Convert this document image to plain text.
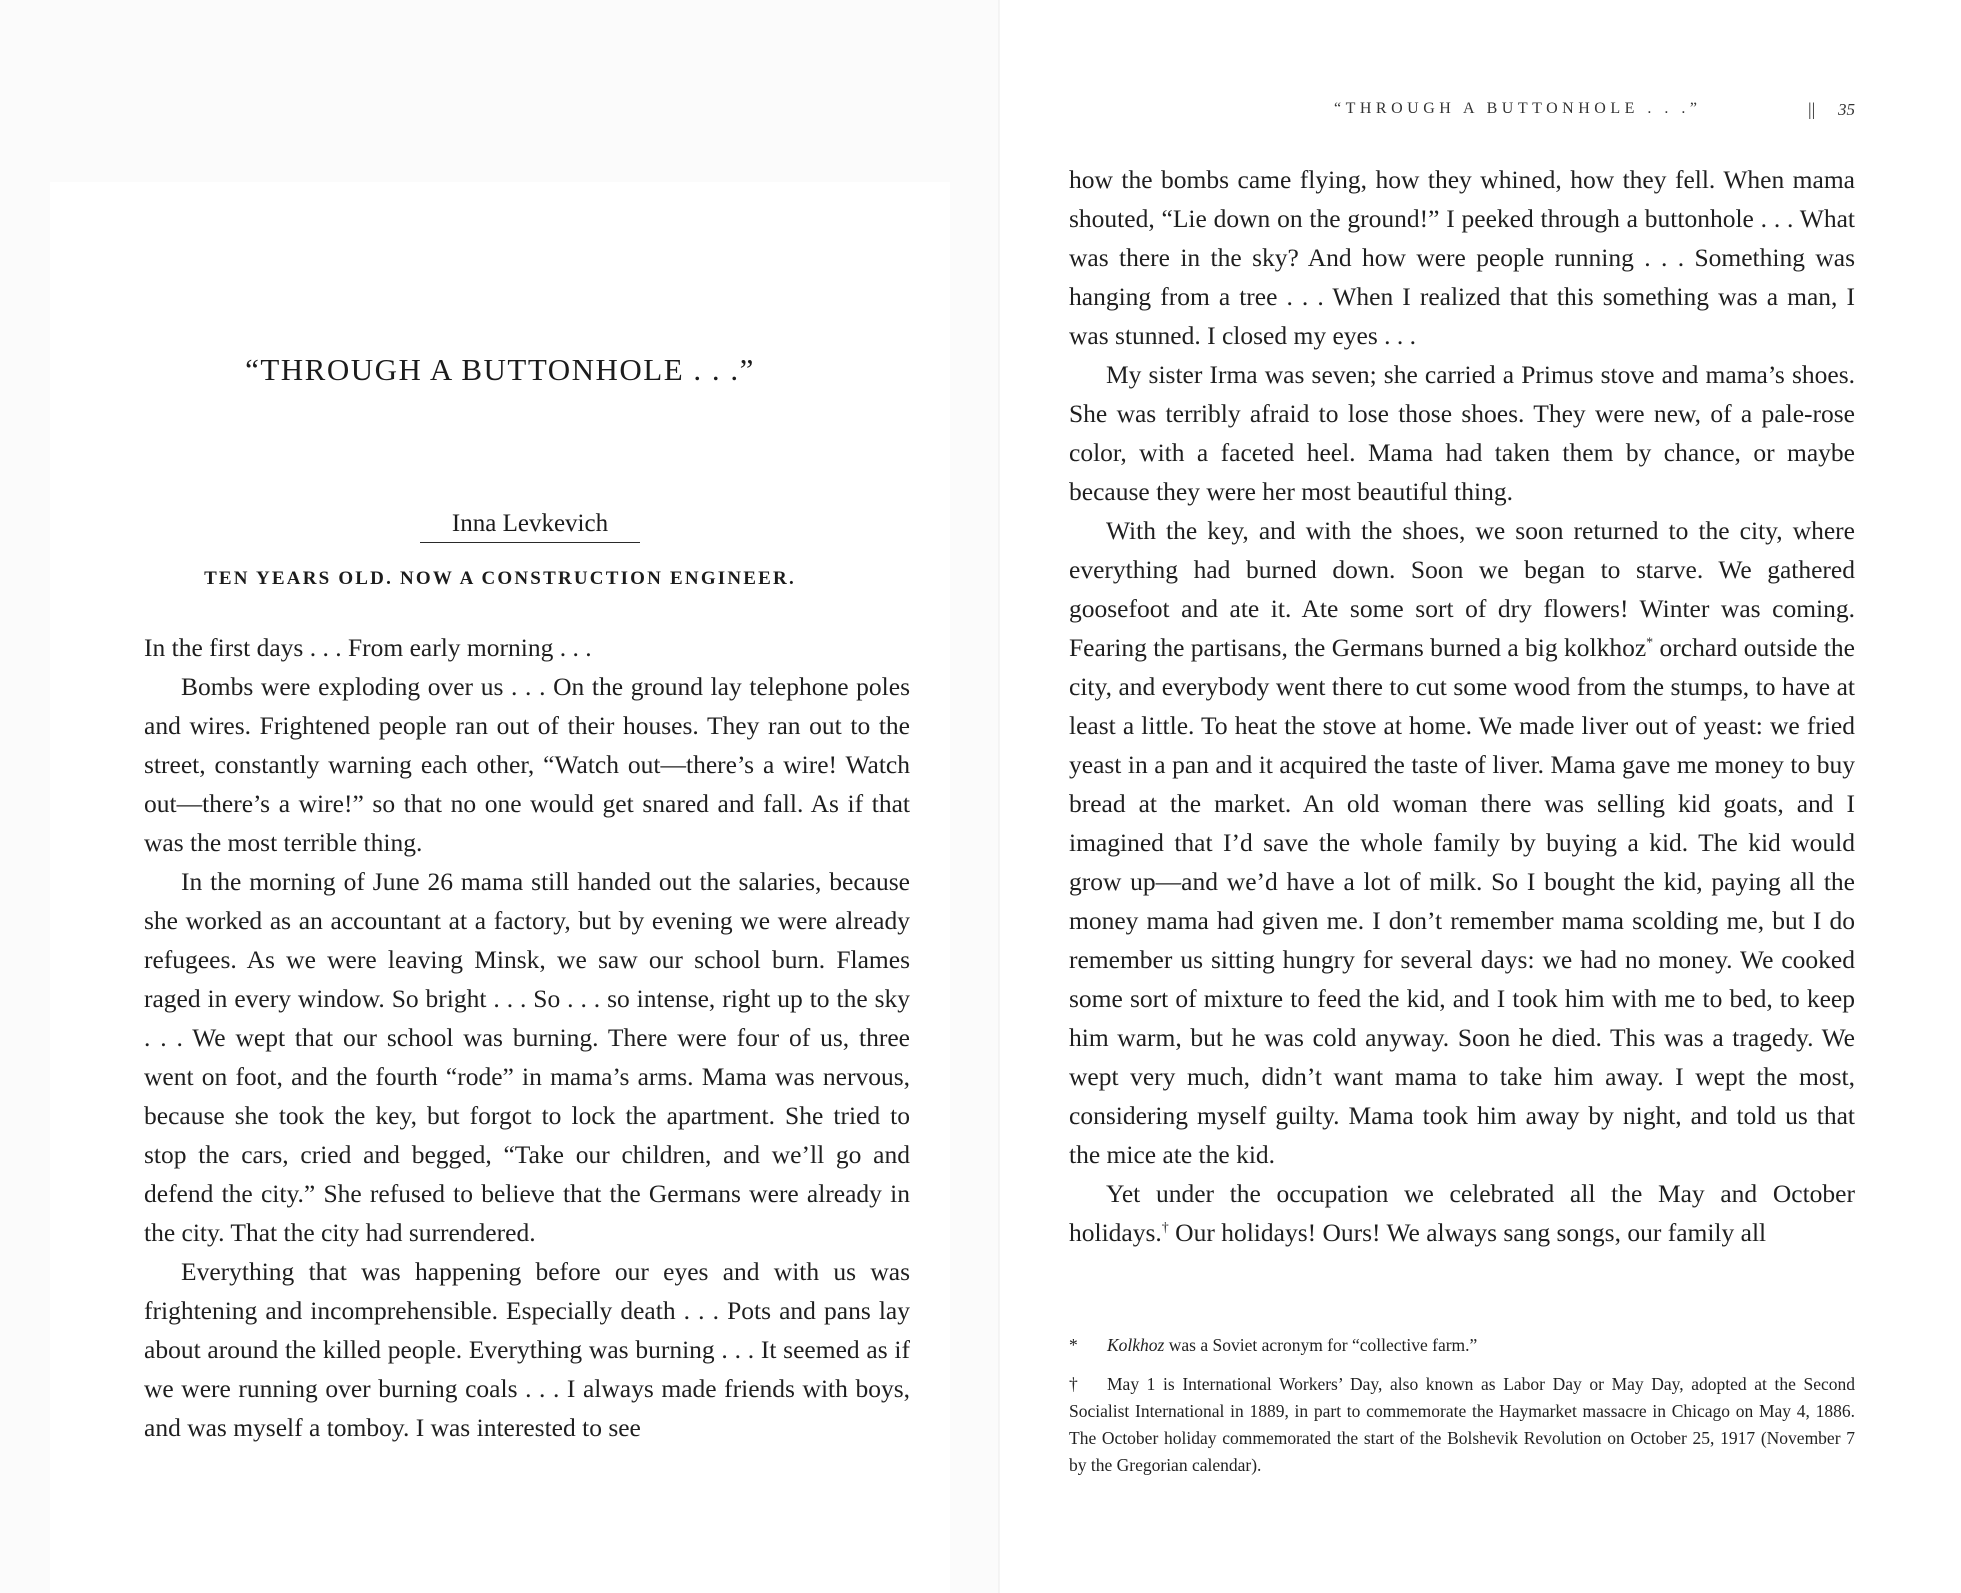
“THROUGH A BUTTONHOLE . . .”
Inna Levkevich
TEN YEARS OLD. NOW A CONSTRUCTION ENGINEER.

In the first days . . . From early morning . . .

Bombs were exploding over us . . . On the ground lay telephone poles and wires. Frightened people ran out of their houses. They ran out to the street, constantly warning each other, “Watch out—there’s a wire! Watch out—there’s a wire!” so that no one would get snared and fall. As if that was the most terrible thing.

In the morning of June 26 mama still handed out the salaries, because she worked as an accountant at a factory, but by evening we were already refugees. As we were leaving Minsk, we saw our school burn. Flames raged in every window. So bright . . . So . . . so intense, right up to the sky . . . We wept that our school was burning. There were four of us, three went on foot, and the fourth “rode” in mama’s arms. Mama was nervous, because she took the key, but forgot to lock the apartment. She tried to stop the cars, cried and begged, “Take our children, and we’ll go and defend the city.” She refused to believe that the Germans were already in the city. That the city had surrendered.

Everything that was happening before our eyes and with us was frightening and incomprehensible. Especially death . . . Pots and pans lay about around the killed people. Everything was burning . . . It seemed as if we were running over burning coals . . . I always made friends with boys, and was myself a tomboy. I was interested to see

“THROUGH A BUTTONHOLE . . .”	|| 35

how the bombs came flying, how they whined, how they fell. When mama shouted, “Lie down on the ground!” I peeked through a buttonhole . . . What was there in the sky? And how were people running . . . Something was hanging from a tree . . . When I realized that this something was a man, I was stunned. I closed my eyes . . .

My sister Irma was seven; she carried a Primus stove and mama’s shoes. She was terribly afraid to lose those shoes. They were new, of a pale-rose color, with a faceted heel. Mama had taken them by chance, or maybe because they were her most beautiful thing.

With the key, and with the shoes, we soon returned to the city, where everything had burned down. Soon we began to starve. We gathered goosefoot and ate it. Ate some sort of dry flowers! Winter was coming. Fearing the partisans, the Germans burned a big kolkhoz* orchard outside the city, and everybody went there to cut some wood from the stumps, to have at least a little. To heat the stove at home. We made liver out of yeast: we fried yeast in a pan and it acquired the taste of liver. Mama gave me money to buy bread at the market. An old woman there was selling kid goats, and I imagined that I’d save the whole family by buying a kid. The kid would grow up—and we’d have a lot of milk. So I bought the kid, paying all the money mama had given me. I don’t remember mama scolding me, but I do remember us sitting hungry for several days: we had no money. We cooked some sort of mixture to feed the kid, and I took him with me to bed, to keep him warm, but he was cold anyway. Soon he died. This was a tragedy. We wept very much, didn’t want mama to take him away. I wept the most, considering myself guilty. Mama took him away by night, and told us that the mice ate the kid.

Yet under the occupation we celebrated all the May and October holidays.† Our holidays! Ours! We always sang songs, our family all

* Kolkhoz was a Soviet acronym for “collective farm.”

† May 1 is International Workers’ Day, also known as Labor Day or May Day, adopted at the Second Socialist International in 1889, in part to commemorate the Haymarket massacre in Chicago on May 4, 1886. The October holiday commemorated the start of the Bolshevik Revolution on October 25, 1917 (November 7 by the Gregorian calendar).
